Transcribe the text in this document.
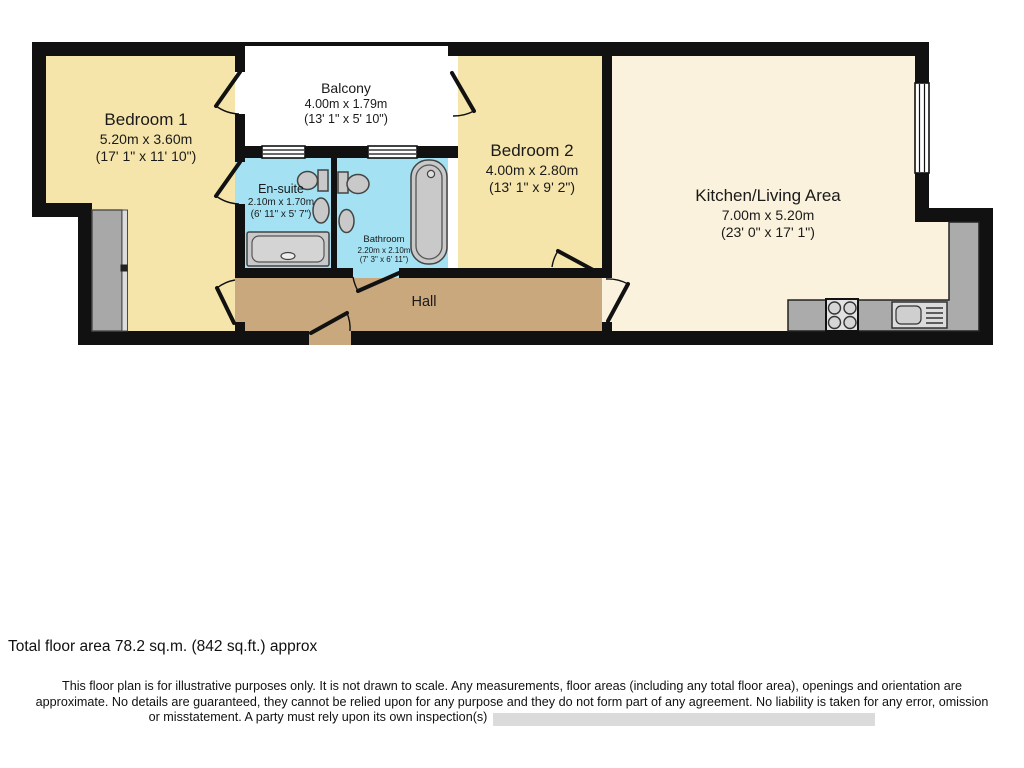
Bedroom 1
5.20m x 3.60m
(17' 1" x 11' 10")
Balcony
4.00m x 1.79m
(13' 1" x 5' 10")
Bedroom 2
4.00m x 2.80m
(13' 1" x 9' 2")	Kitchen/Living Area
7.00m x 5.20m
(23' 0" x 17' 1")
En-suite
2.10m x 1.70m
(6' 11" x 5' 7")
Bathroom
2.20m x 2.10m
(7' 3" x 6' 11")
Hall
Total floor area 78.2 sq.m. (842 sq.ft.) approx
This floor plan is for illustrative purposes only. It is not drawn to scale. Any measurements, floor areas (including any total floor area), openings and orientation are
approximate. No details are guaranteed, they cannot be relied upon for any purpose and they do not form part of any agreement. No liability is taken for any error, omission
or misstatement. A party must rely upon its own inspection(s)
